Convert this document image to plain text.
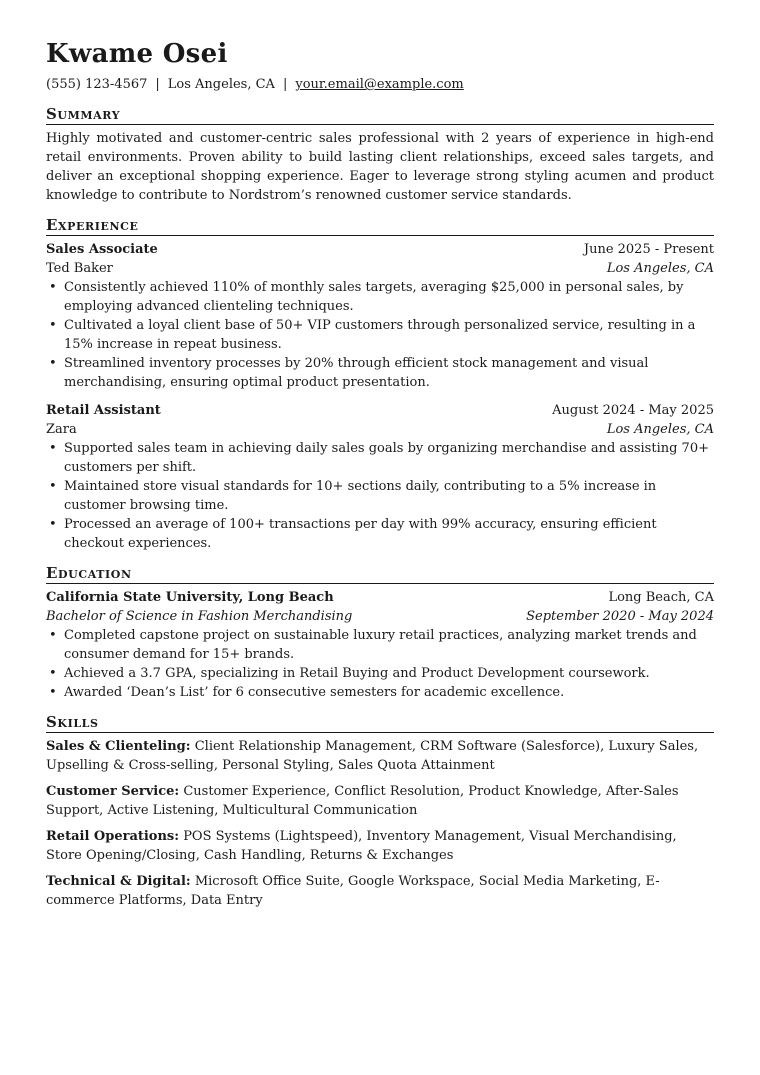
Kwame Osei
(555) 123-4567 | Los Angeles, CA | your.email@example.com
Summary

Highly motivated and customer-centric sales professional with 2 years of experience in high-end retail environments. Proven ability to build lasting client relationships, exceed sales targets, and deliver an exceptional shopping experience. Eager to leverage strong styling acumen and product knowledge to contribute to Nordstrom’s renowned customer service standards.

Experience
Sales Associate	June 2025 - Present
Ted Baker	Los Angeles, CA
• Consistently achieved 110% of monthly sales targets, averaging $25,000 in personal sales, by employing advanced clienteling techniques.
• Cultivated a loyal client base of 50+ VIP customers through personalized service, resulting in a 15% increase in repeat business.
• Streamlined inventory processes by 20% through efficient stock management and visual merchandising, ensuring optimal product presentation.
Retail Assistant	August 2024 - May 2025
Zara	Los Angeles, CA
• Supported sales team in achieving daily sales goals by organizing merchandise and assisting 70+ customers per shift.
• Maintained store visual standards for 10+ sections daily, contributing to a 5% increase in customer browsing time.
• Processed an average of 100+ transactions per day with 99% accuracy, ensuring efficient checkout experiences.
Education
California State University, Long Beach	Long Beach, CA
Bachelor of Science in Fashion Merchandising	September 2020 - May 2024
• Completed capstone project on sustainable luxury retail practices, analyzing market trends and consumer demand for 15+ brands.
• Achieved a 3.7 GPA, specializing in Retail Buying and Product Development coursework.
• Awarded ‘Dean’s List’ for 6 consecutive semesters for academic excellence.
Skills
Sales & Clienteling: Client Relationship Management, CRM Software (Salesforce), Luxury Sales, Upselling & Cross-selling, Personal Styling, Sales Quota Attainment
Customer Service: Customer Experience, Conflict Resolution, Product Knowledge, After-Sales Support, Active Listening, Multicultural Communication
Retail Operations: POS Systems (Lightspeed), Inventory Management, Visual Merchandising, Store Opening/Closing, Cash Handling, Returns & Exchanges
Technical & Digital: Microsoft Office Suite, Google Workspace, Social Media Marketing, E-commerce Platforms, Data Entry
